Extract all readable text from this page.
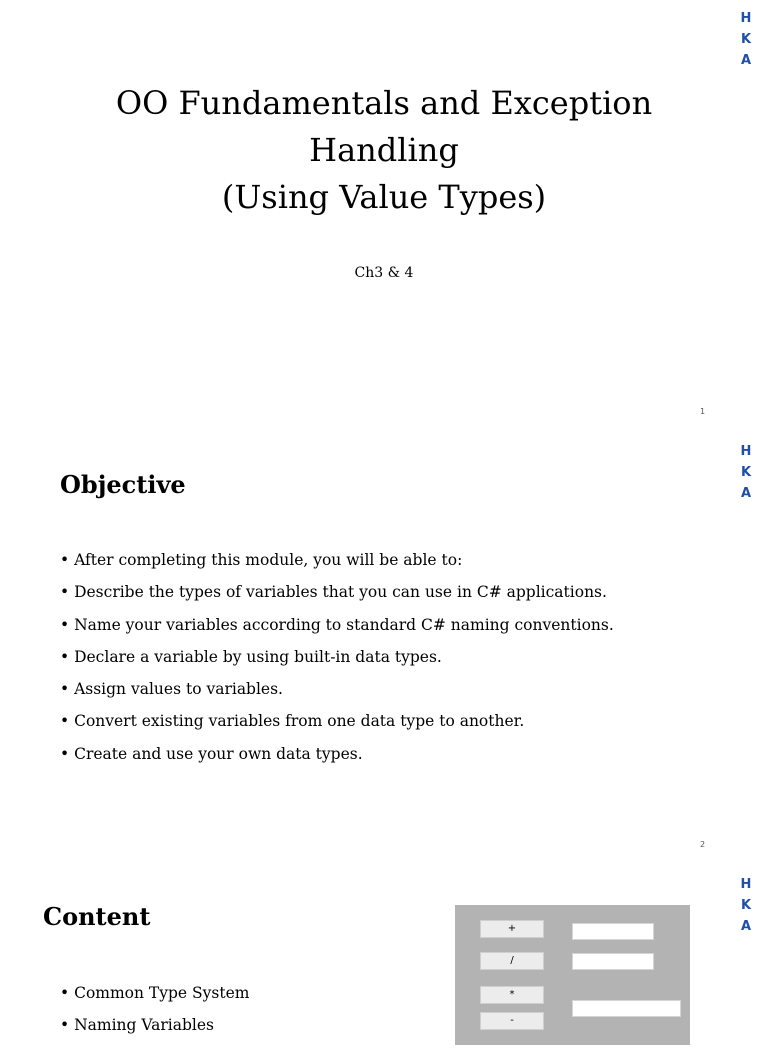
H
K
A
OO Fundamentals and Exception
Handling
(Using Value Types)
Ch3 & 4
1
H
K
A
Objective
• After completing this module, you will be able to:
• Describe the types of variables that you can use in C# applications.
• Name your variables according to standard C# naming conventions.
• Declare a variable by using built-in data types.
• Assign values to variables.
• Convert existing variables from one data type to another.
• Create and use your own data types.
2
H
K
A
Content
• Common Type System
• Naming Variables
+
/
*
-
